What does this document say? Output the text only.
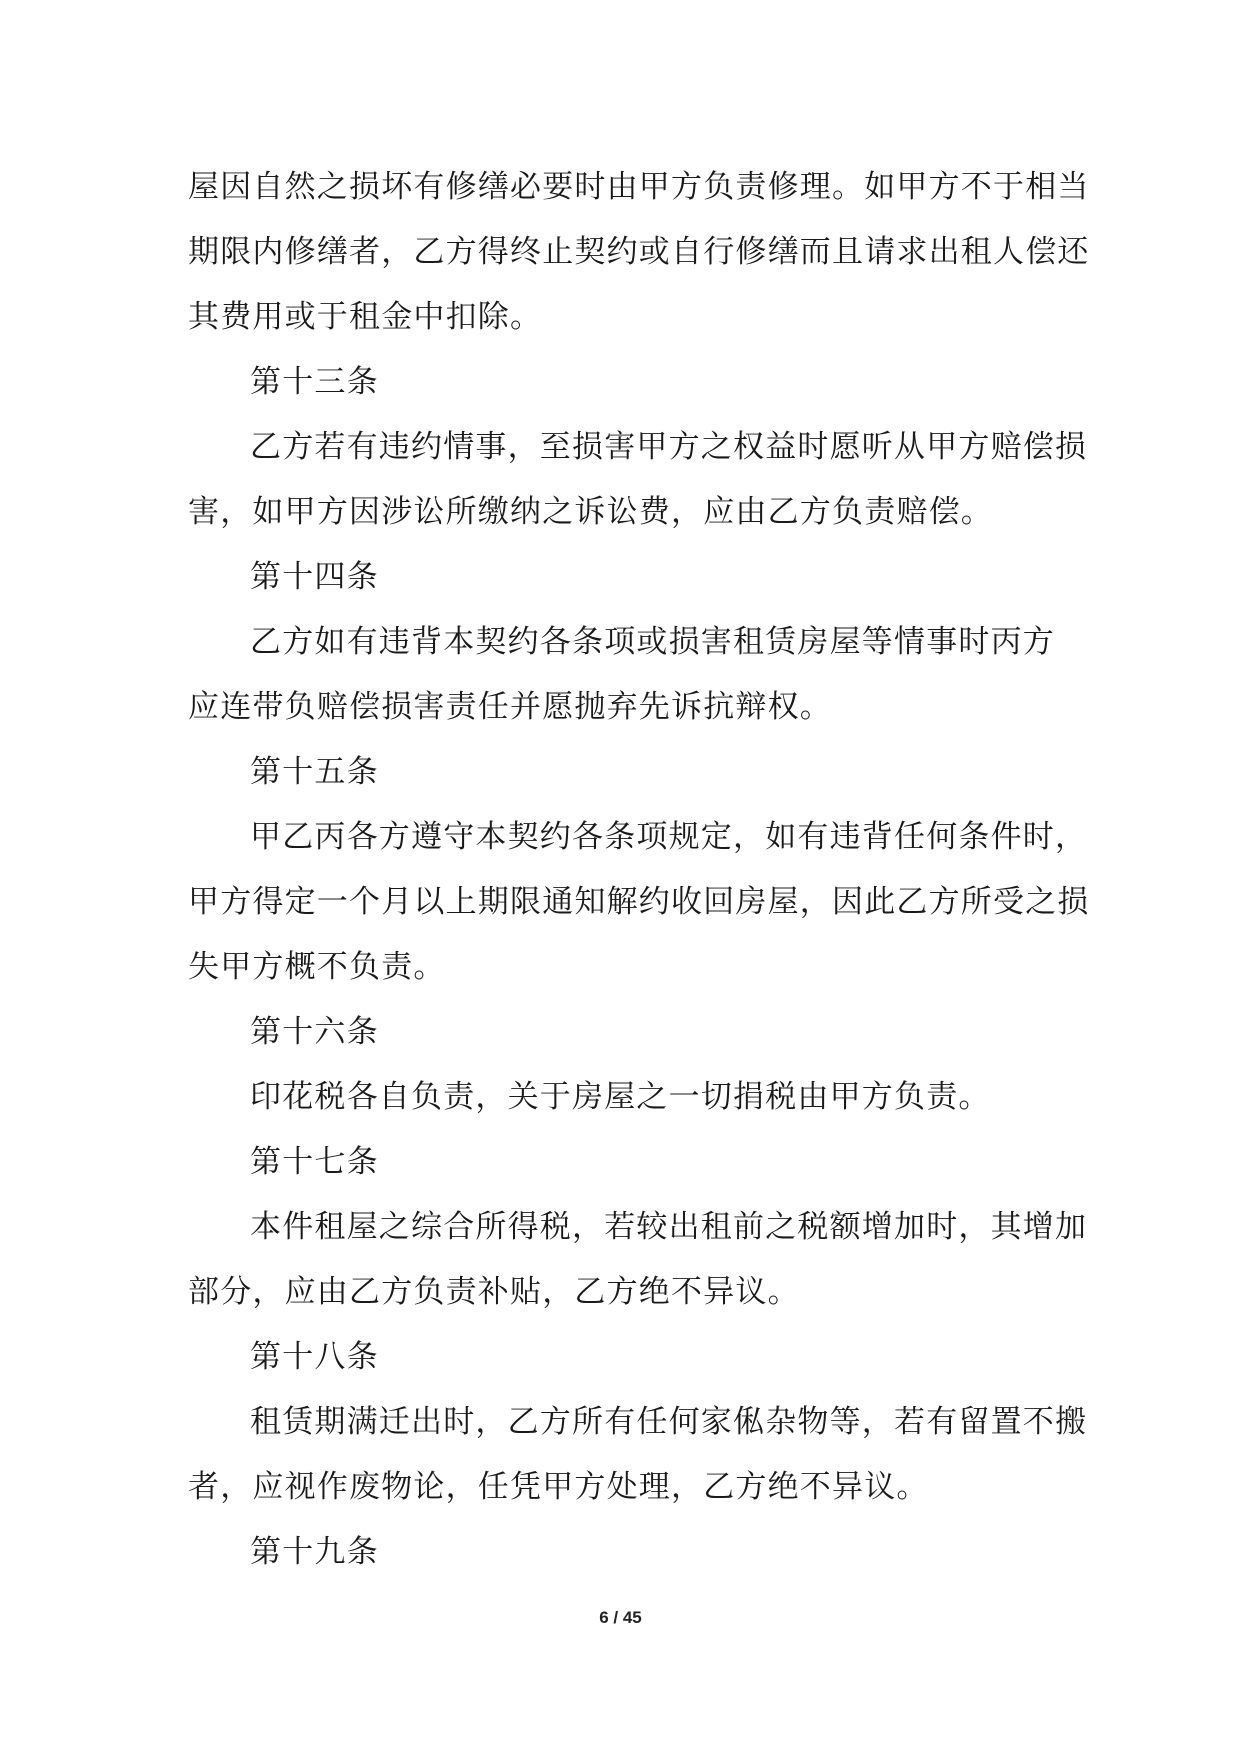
屋因自然之损坏有修缮必要时由甲方负责修理。如甲方不于相当

期限内修缮者，乙方得终止契约或自行修缮而且请求出租人偿还

其费用或于租金中扣除。

第十三条

乙方若有违约情事，至损害甲方之权益时愿听从甲方赔偿损

害，如甲方因涉讼所缴纳之诉讼费，应由乙方负责赔偿。

第十四条

乙方如有违背本契约各条项或损害租赁房屋等情事时丙方

应连带负赔偿损害责任并愿抛弃先诉抗辩权。

第十五条

甲乙丙各方遵守本契约各条项规定，如有违背任何条件时，

甲方得定一个月以上期限通知解约收回房屋，因此乙方所受之损

失甲方概不负责。

第十六条

印花税各自负责，关于房屋之一切捐税由甲方负责。

第十七条

本件租屋之综合所得税，若较出租前之税额增加时，其增加

部分，应由乙方负责补贴，乙方绝不异议。

第十八条

租赁期满迁出时，乙方所有任何家俬杂物等，若有留置不搬

者，应视作废物论，任凭甲方处理，乙方绝不异议。

第十九条

6 / 45
